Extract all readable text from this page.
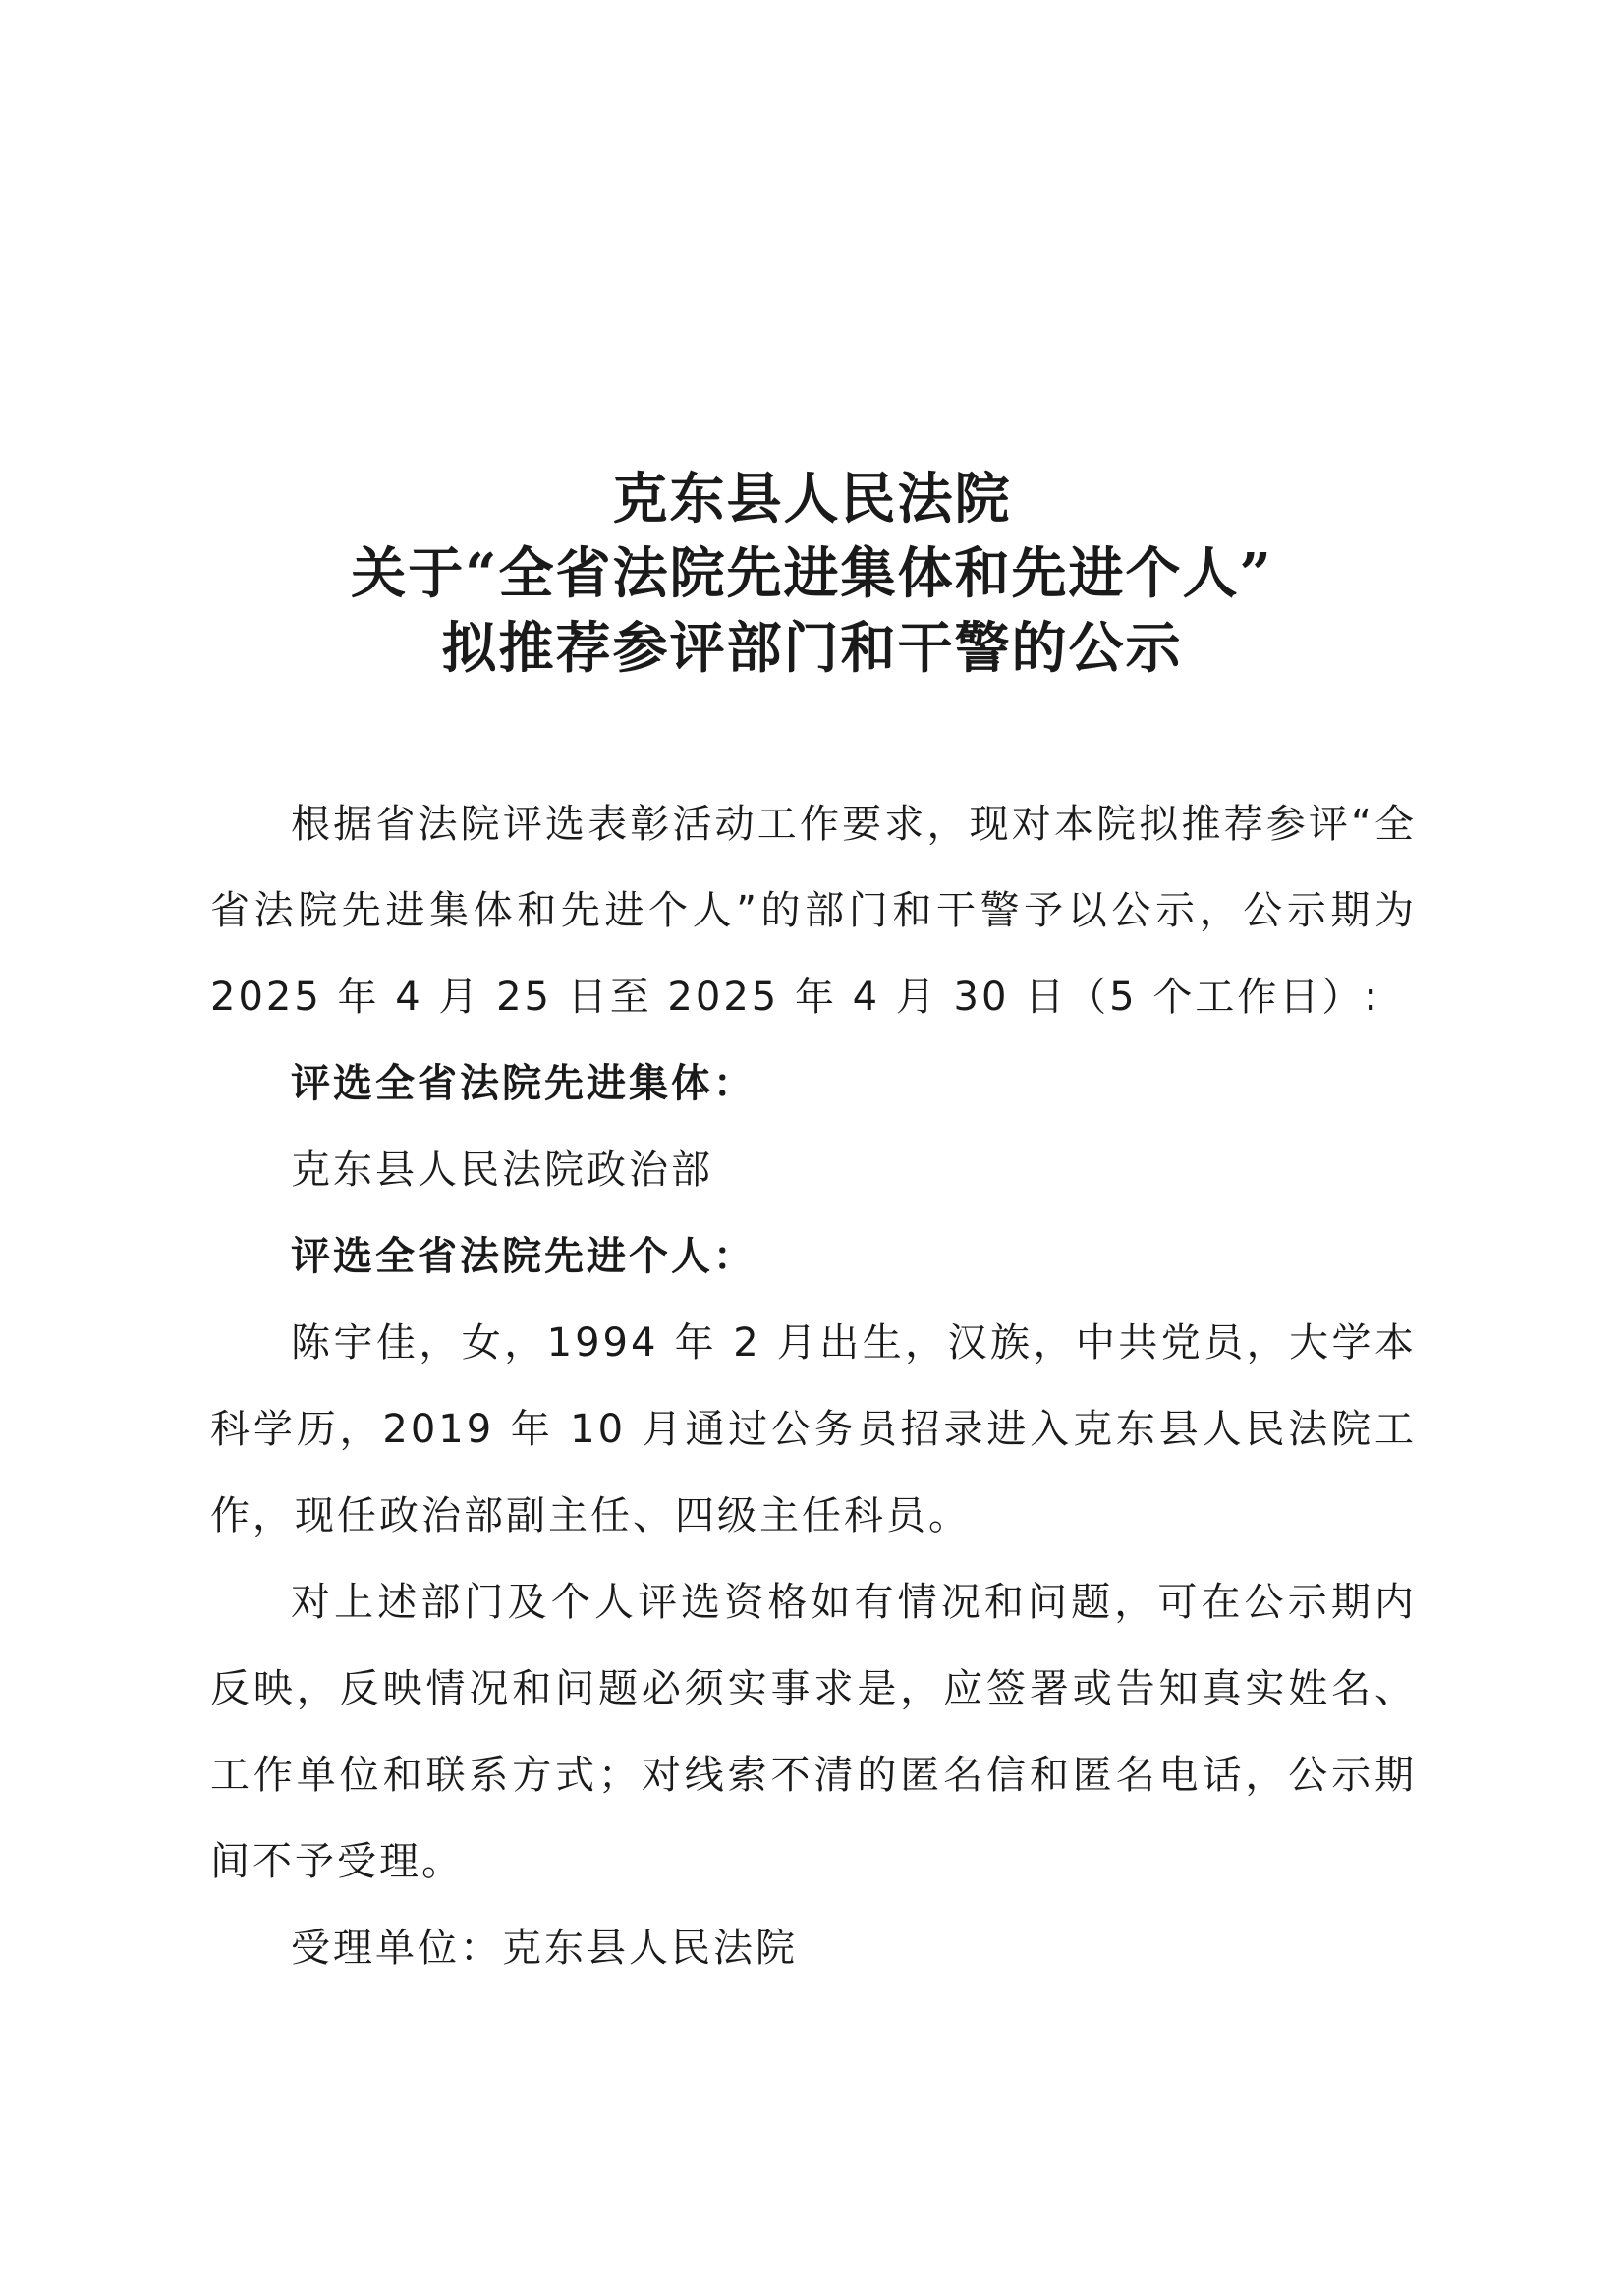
克东县人民法院
关于“全省法院先进集体和先进个人”
拟推荐参评部门和干警的公示

根据省法院评选表彰活动工作要求，现对本院拟推荐参评“全省法院先进集体和先进个人”的部门和干警予以公示，公示期为 2025 年 4 月 25 日至 2025 年 4 月 30 日（5 个工作日）:

评选全省法院先进集体：

克东县人民法院政治部

评选全省法院先进个人：

陈宇佳，女，1994 年 2 月出生，汉族，中共党员，大学本科学历，2019 年 10 月通过公务员招录进入克东县人民法院工作，现任政治部副主任、四级主任科员。

对上述部门及个人评选资格如有情况和问题，可在公示期内反映，反映情况和问题必须实事求是，应签署或告知真实姓名、工作单位和联系方式；对线索不清的匿名信和匿名电话，公示期间不予受理。

受理单位：克东县人民法院
